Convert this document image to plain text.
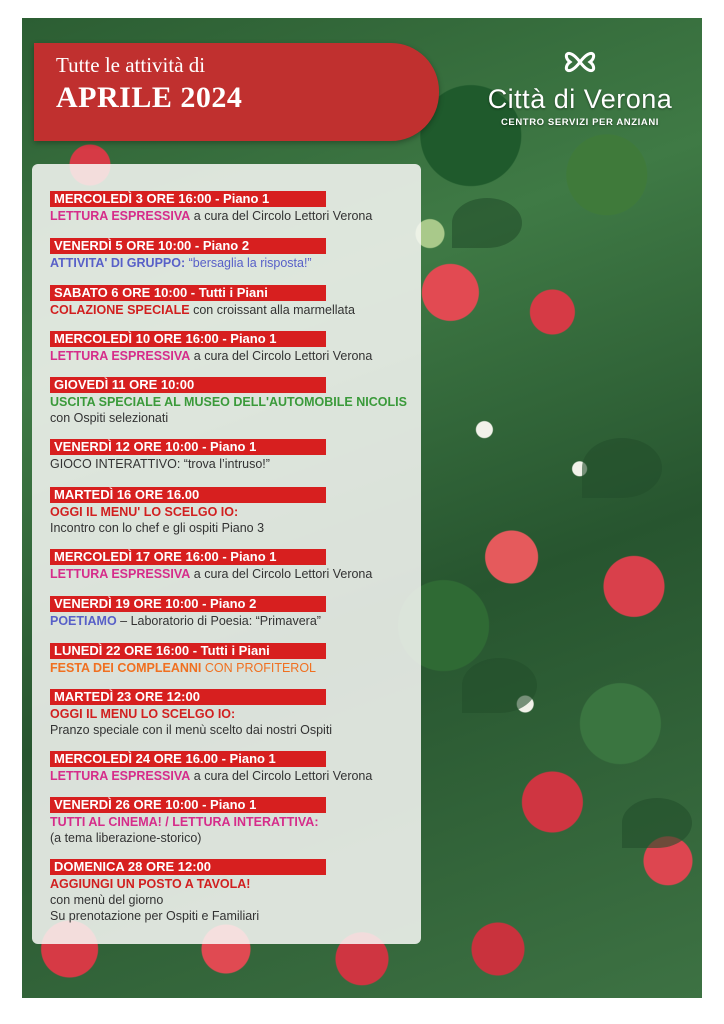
Tutte le attività di
APRILE 2024	Città di Verona
CENTRO SERVIZI PER ANZIANI
MERCOLEDÌ 3 ORE 16:00 - Piano 1
LETTURA ESPRESSIVA a cura del Circolo Lettori Verona
VENERDÌ 5 ORE 10:00 - Piano 2
ATTIVITA' DI GRUPPO: “bersaglia la risposta!”
SABATO 6 ORE 10:00 - Tutti i Piani
COLAZIONE SPECIALE con croissant alla marmellata
MERCOLEDÌ 10 ORE 16:00 - Piano 1
LETTURA ESPRESSIVA a cura del Circolo Lettori Verona
GIOVEDÌ 11 ORE 10:00
USCITA SPECIALE AL MUSEO DELL'AUTOMOBILE NICOLIS
con Ospiti selezionati
VENERDÌ 12 ORE 10:00 - Piano 1
GIOCO INTERATTIVO: “trova l’intruso!”
MARTEDÌ 16 ORE 16.00
OGGI IL MENU' LO SCELGO IO:
Incontro con lo chef e gli ospiti Piano 3
MERCOLEDÌ 17 ORE 16:00 - Piano 1
LETTURA ESPRESSIVA a cura del Circolo Lettori Verona
VENERDÌ 19 ORE 10:00 - Piano 2
POETIAMO – Laboratorio di Poesia: “Primavera”
LUNEDÌ 22 ORE 16:00 - Tutti i Piani
FESTA DEI COMPLEANNI CON PROFITEROL
MARTEDÌ 23 ORE 12:00
OGGI IL MENU LO SCELGO IO:
Pranzo speciale con il menù scelto dai nostri Ospiti
MERCOLEDÌ 24 ORE 16.00 - Piano 1
LETTURA ESPRESSIVA a cura del Circolo Lettori Verona
VENERDÌ 26 ORE 10:00 - Piano 1
TUTTI AL CINEMA! / LETTURA INTERATTIVA:
(a tema liberazione-storico)
DOMENICA 28 ORE 12:00
AGGIUNGI UN POSTO A TAVOLA!
con menù del giorno
Su prenotazione per Ospiti e Familiari
